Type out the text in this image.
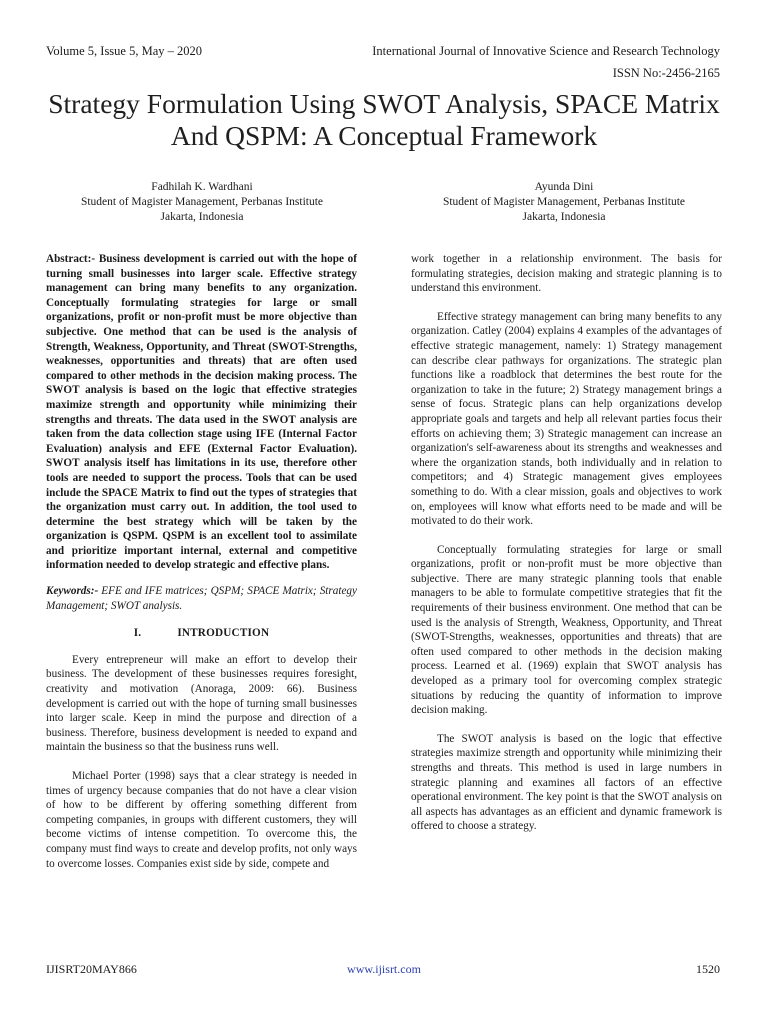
Volume 5, Issue 5, May – 2020	International Journal of Innovative Science and Research Technology
ISSN No:-2456-2165
Strategy Formulation Using SWOT Analysis, SPACE Matrix And QSPM: A Conceptual Framework
Fadhilah K. Wardhani
Student of Magister Management, Perbanas Institute
Jakarta, Indonesia
Ayunda Dini
Student of Magister Management, Perbanas Institute
Jakarta, Indonesia

Abstract:- Business development is carried out with the hope of turning small businesses into larger scale. Effective strategy management can bring many benefits to any organization. Conceptually formulating strategies for large or small organizations, profit or non-profit must be more objective than subjective. One method that can be used is the analysis of Strength, Weakness, Opportunity, and Threat (SWOT-Strengths, weaknesses, opportunities and threats) that are often used compared to other methods in the decision making process. The SWOT analysis is based on the logic that effective strategies maximize strength and opportunity while minimizing their strengths and threats. The data used in the SWOT analysis are taken from the data collection stage using IFE (Internal Factor Evaluation) analysis and EFE (External Factor Evaluation). SWOT analysis itself has limitations in its use, therefore other tools are needed to support the process. Tools that can be used include the SPACE Matrix to find out the types of strategies that the organization must carry out. In addition, the tool used to determine the best strategy which will be taken by the organization is QSPM. QSPM is an excellent tool to assimilate and prioritize important internal, external and competitive information needed to develop strategic and effective plans.

Keywords:- EFE and IFE matrices; QSPM; SPACE Matrix; Strategy Management; SWOT analysis.

I.	INTRODUCTION

Every entrepreneur will make an effort to develop their business. The development of these businesses requires foresight, creativity and motivation (Anoraga, 2009: 66). Business development is carried out with the hope of turning small businesses into larger scale. Keep in mind the purpose and direction of a business. Therefore, business development is needed to expand and maintain the business so that the business runs well.

Michael Porter (1998) says that a clear strategy is needed in times of urgency because companies that do not have a clear vision of how to be different by offering something different from competing companies, in groups with different customers, they will become victims of intense competition. To overcome this, the company must find ways to create and develop profits, not only ways to overcome losses. Companies exist side by side, compete and

work together in a relationship environment. The basis for formulating strategies, decision making and strategic planning is to understand this environment.

Effective strategy management can bring many benefits to any organization. Catley (2004) explains 4 examples of the advantages of effective strategic management, namely: 1) Strategy management can describe clear pathways for organizations. The strategic plan functions like a roadblock that determines the best route for the organization to take in the future; 2) Strategy management brings a sense of focus. Strategic plans can help organizations develop appropriate goals and targets and help all relevant parties focus their efforts on achieving them; 3) Strategic management can increase an organization's self-awareness about its strengths and weaknesses and where the organization stands, both individually and in relation to competitors; and 4) Strategic management gives employees something to do. With a clear mission, goals and objectives to work on, employees will know what efforts need to be made and will be motivated to do their work.

Conceptually formulating strategies for large or small organizations, profit or non-profit must be more objective than subjective. There are many strategic planning tools that enable managers to be able to formulate competitive strategies that fit the requirements of their business environment. One method that can be used is the analysis of Strength, Weakness, Opportunity, and Threat (SWOT-Strengths, weaknesses, opportunities and threats) that are often used compared to other methods in the decision making process. Learned et al. (1969) explain that SWOT analysis has developed as a primary tool for overcoming complex strategic situations by reducing the quantity of information to improve decision making.

The SWOT analysis is based on the logic that effective strategies maximize strength and opportunity while minimizing their strengths and threats. This method is used in large numbers in strategic planning and examines all factors of an effective operational environment. The key point is that the SWOT analysis on all aspects has advantages as an efficient and dynamic framework is offered to choose a strategy.

IJISRT20MAY866	www.ijisrt.com	1520
